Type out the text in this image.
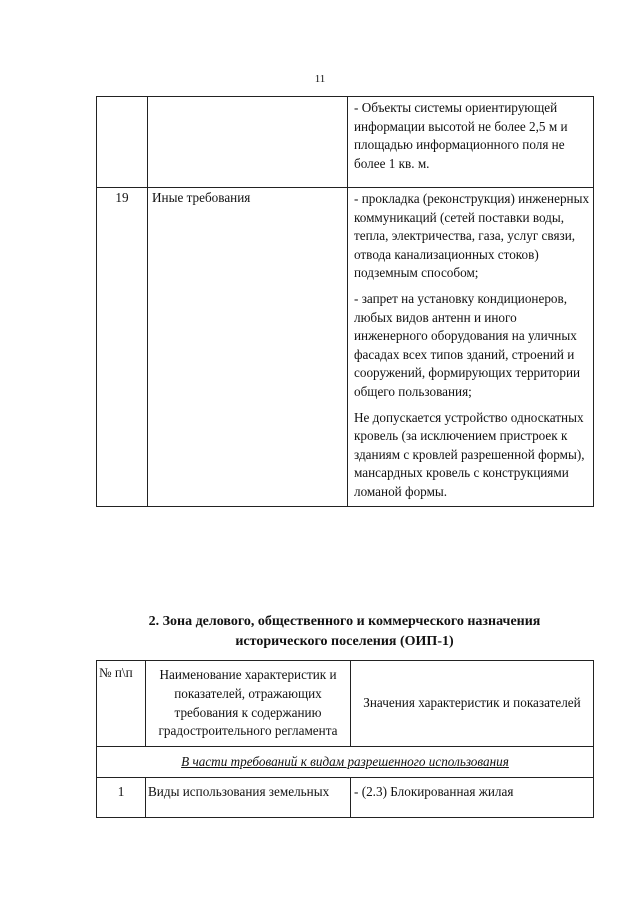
11

		- Объекты системы ориентирующей информации высотой не более 2,5 м и площадью информационного поля не более 1 кв. м.

19	Иные требования	- прокладка (реконструкция) инженерных коммуникаций (сетей поставки воды, тепла, электричества, газа, услуг связи, отвода канализационных стоков) подземным способом;

- запрет на установку кондиционеров, любых видов антенн и иного инженерного оборудования на уличных фасадах всех типов зданий, строений и сооружений, формирующих территории общего пользования;

Не допускается устройство односкатных кровель (за исключением пристроек к зданиям с кровлей разрешенной формы), мансардных кровель с конструкциями ломаной формы.

2. Зона делового, общественного и коммерческого назначения
исторического поселения (ОИП-1)
№ п\п	Наименование характеристик и показателей, отражающих требования к содержанию градостроительного регламента	Значения характеристик и показателей
В части требований к видам разрешенного использования		
1	Виды использования земельных	- (2.3) Блокированная жилая
